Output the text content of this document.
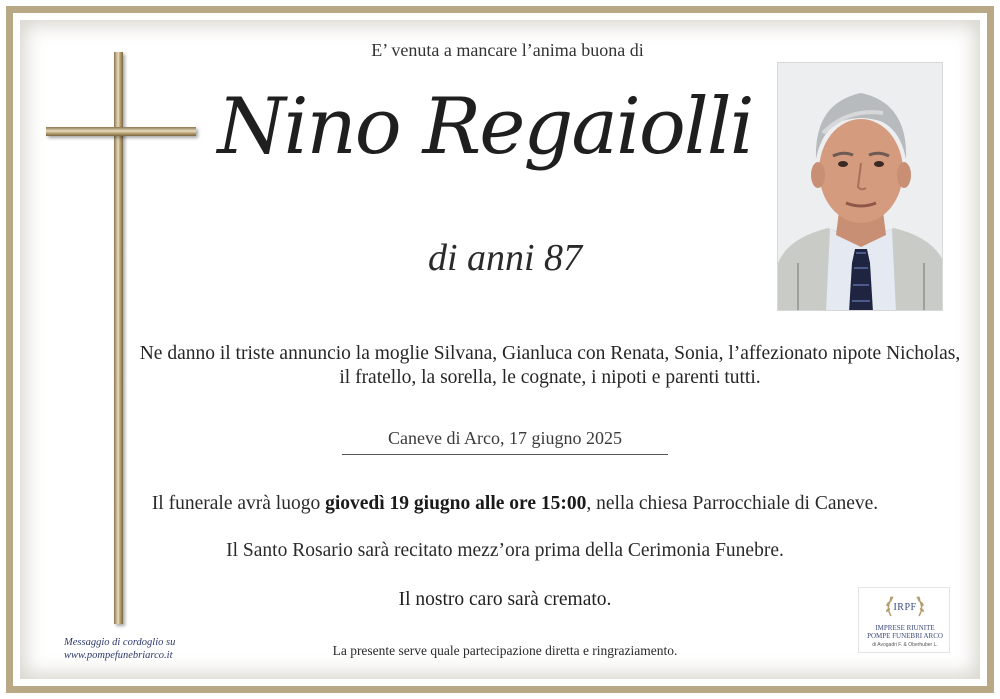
E’ venuta a mancare l’anima buona di
Nino Regaiolli
di anni 87
Ne danno il triste annuncio la moglie Silvana, Gianluca con Renata, Sonia, l’affezionato nipote Nicholas,
il fratello, la sorella, le cognate, i nipoti e parenti tutti.
Caneve di Arco, 17 giugno 2025
Il funerale avrà luogo giovedì 19 giugno alle ore 15:00, nella chiesa Parrocchiale di Caneve.
Il Santo Rosario sarà recitato mezz’ora prima della Cerimonia Funebre.
Il nostro caro sarà cremato.
La presente serve quale partecipazione diretta e ringraziamento.
Messaggio di cordoglio su
www.pompefunebriarco.it
IRPF
IMPRESE RIUNITE
POMPE FUNEBRI ARCO
di Avogadri F. & Oberhuber L.
